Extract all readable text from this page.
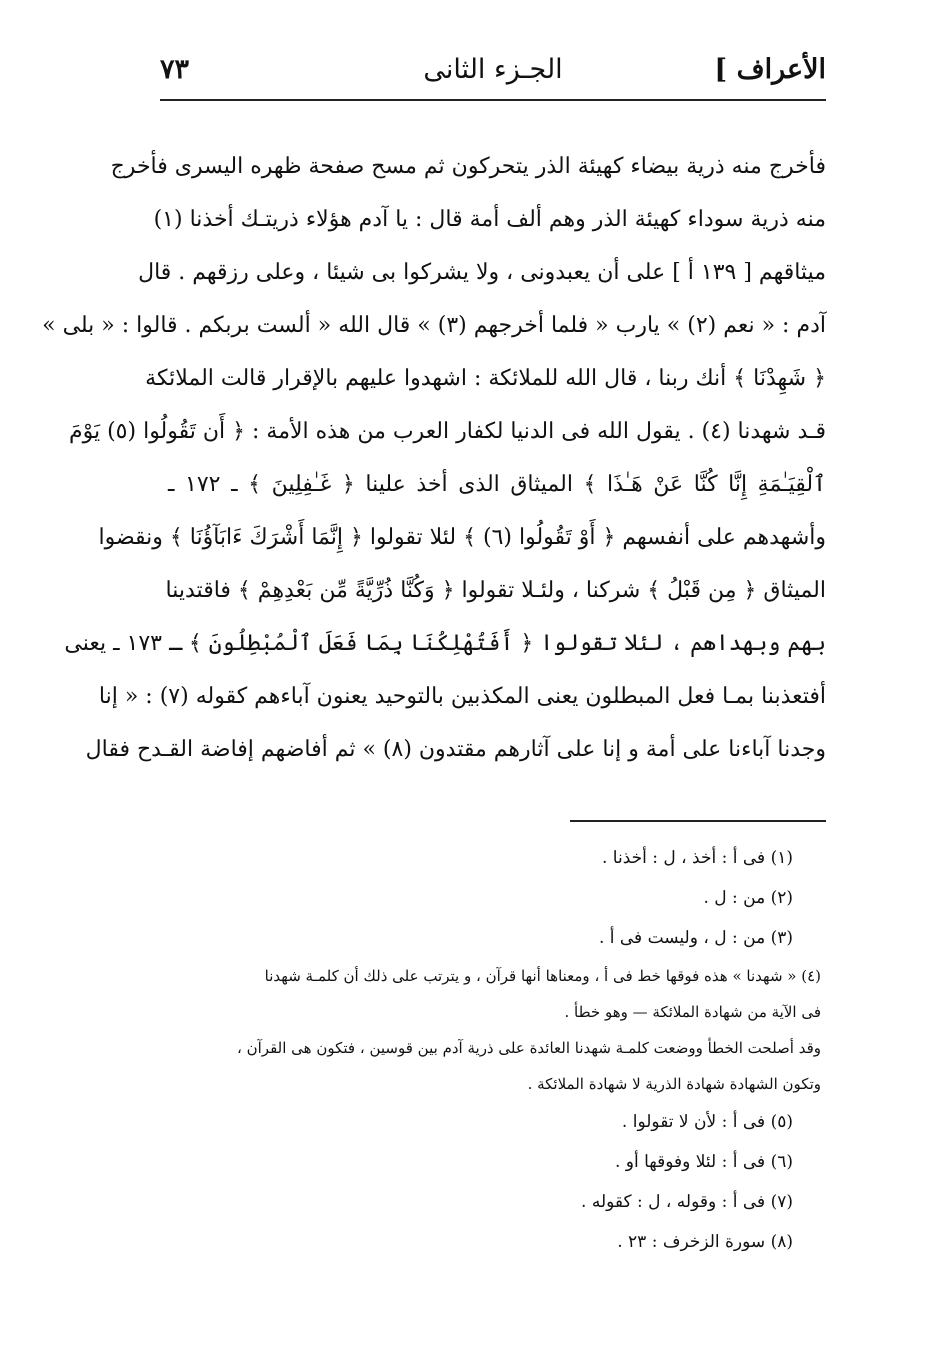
الأعراف ]
الجـزء الثانى
٧٣
فأخرج منه ذرية بيضاء كهيئة الذر يتحركون ثم مسح صفحة ظهره اليسرى فأخرج
منه ذرية سوداء كهيئة الذر وهم ألف أمة قال : يا آدم هؤلاء ذريتـك أخذنا (١)
ميثاقهم [ ١٣٩ أ ] على أن يعبدونى ، ولا يشركوا بى شيئا ، وعلى رزقهم . قال
آدم : « نعم (٢) » يارب « فلما أخرجهم (٣) » قال الله « ألست بربكم . قالوا : « بلى »
﴿ شَهِدْنَا ﴾ أنك ربنا ، قال الله للملائكة : اشهدوا عليهم بالإقرار قالت الملائكة
قـد شهدنا (٤) . يقول الله فى الدنيا لكفار العرب من هذه الأمة : ﴿ أَن تَقُولُوا (٥) يَوْمَ
ٱلْقِيَـٰمَةِ إِنَّا كُنَّا عَنْ هَـٰذَا ﴾ الميثاق الذى أخذ علينا ﴿ غَـٰفِلِينَ ﴾ ـ ١٧٢ ـ
وأشهدهم على أنفسهم ﴿ أَوْ تَقُولُوا (٦) ﴾ لئلا تقولوا ﴿ إِنَّمَا أَشْرَكَ ءَابَآؤُنَا ﴾ ونقضوا
الميثاق ﴿ مِن قَبْلُ ﴾ شركنا ، ولئـلا تقولوا ﴿ وَكُنَّا ذُرِّيَّةً مِّن بَعْدِهِمْ ﴾ فاقتدينا
بهم وبهداهم ، لئلا تقولوا ﴿ أَفَتُهْلِكُنَا بِمَا فَعَلَ ٱلْمُبْطِلُونَ ﴾ ـ ١٧٣ ـ يعنى
أفتعذبنا بمـا فعل المبطلون يعنى المكذبين بالتوحيد يعنون آباءهم كقوله (٧) : « إنا
وجدنا آباءنا على أمة و إنا على آثارهم مقتدون (٨) » ثم أفاضهم إفاضة القـدح فقال
(١) فى أ : أخذ ، ل : أخذنا .
(٢) من : ل .
(٣) من : ل ، وليست فى أ .
(٤) « شهدنا » هذه فوقها خط فى أ ، ومعناها أنها قرآن ، و يترتب على ذلك أن كلمـة شهدنا
فى الآية من شهادة الملائكة — وهو خطأ .
وقد أصلحت الخطأ ووضعت كلمـة شهدنا العائدة على ذرية آدم بين قوسين ، فتكون هى القرآن ،
وتكون الشهادة شهادة الذرية لا شهادة الملائكة .
(٥) فى أ : لأن لا تقولوا .
(٦) فى أ : لئلا وفوقها أو .
(٧) فى أ : وقوله ، ل : كقوله .
(٨) سورة الزخرف : ٢٣ .
